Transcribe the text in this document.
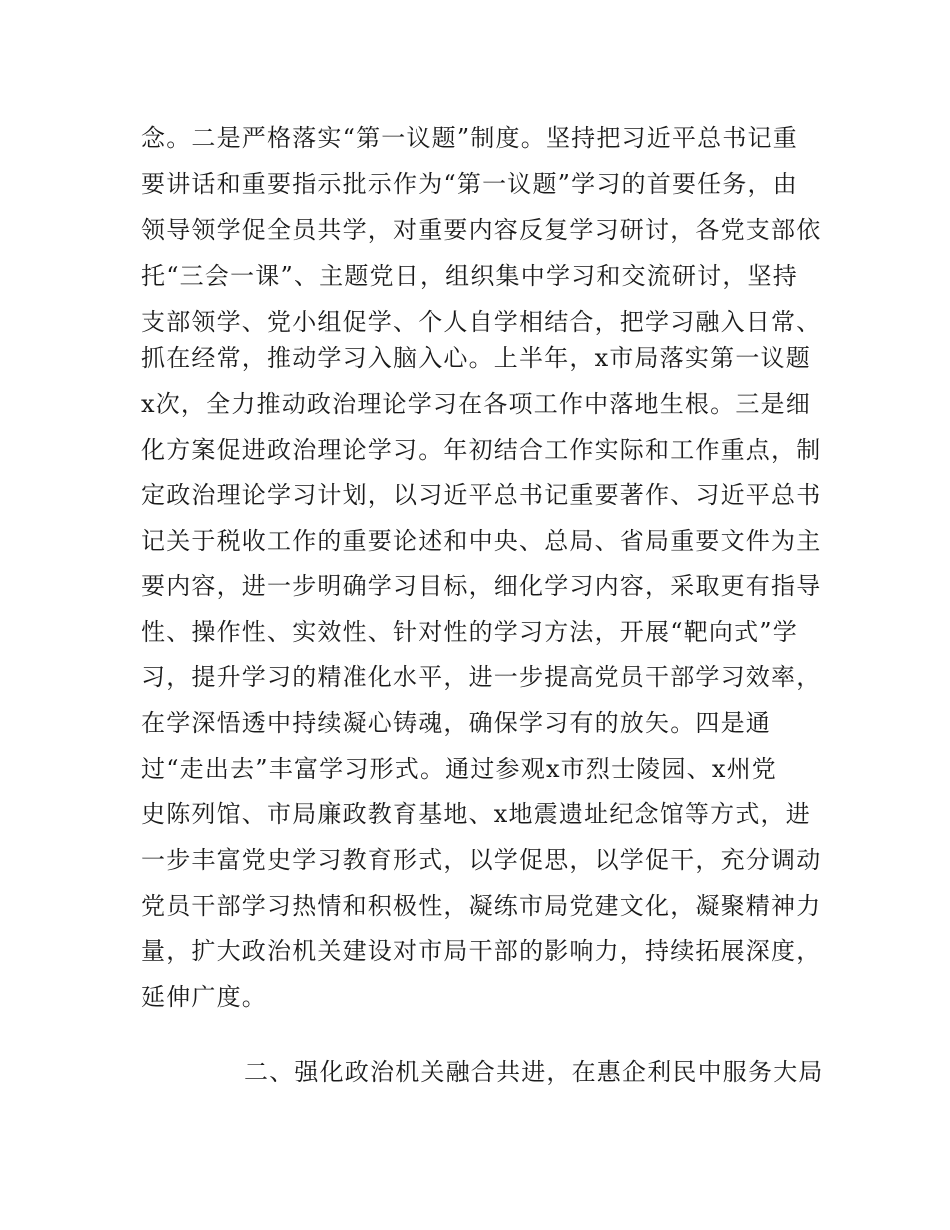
念。二是严格落实“第一议题”制度。坚持把习近平总书记重
要讲话和重要指示批示作为“第一议题”学习的首要任务，由
领导领学促全员共学，对重要内容反复学习研讨，各党支部依
托“三会一课”、主题党日，组织集中学习和交流研讨，坚持
支部领学、党小组促学、个人自学相结合，把学习融入日常、
抓在经常，推动学习入脑入心。上半年，x市局落实第一议题
x次，全力推动政治理论学习在各项工作中落地生根。三是细
化方案促进政治理论学习。年初结合工作实际和工作重点，制
定政治理论学习计划，以习近平总书记重要著作、习近平总书
记关于税收工作的重要论述和中央、总局、省局重要文件为主
要内容，进一步明确学习目标，细化学习内容，采取更有指导
性、操作性、实效性、针对性的学习方法，开展“靶向式”学
习，提升学习的精准化水平，进一步提高党员干部学习效率，
在学深悟透中持续凝心铸魂，确保学习有的放矢。四是通
过“走出去”丰富学习形式。通过参观x市烈士陵园、x州党
史陈列馆、市局廉政教育基地、x地震遗址纪念馆等方式，进
一步丰富党史学习教育形式，以学促思，以学促干，充分调动
党员干部学习热情和积极性，凝练市局党建文化，凝聚精神力
量，扩大政治机关建设对市局干部的影响力，持续拓展深度，
延伸广度。
二、强化政治机关融合共进，在惠企利民中服务大局
